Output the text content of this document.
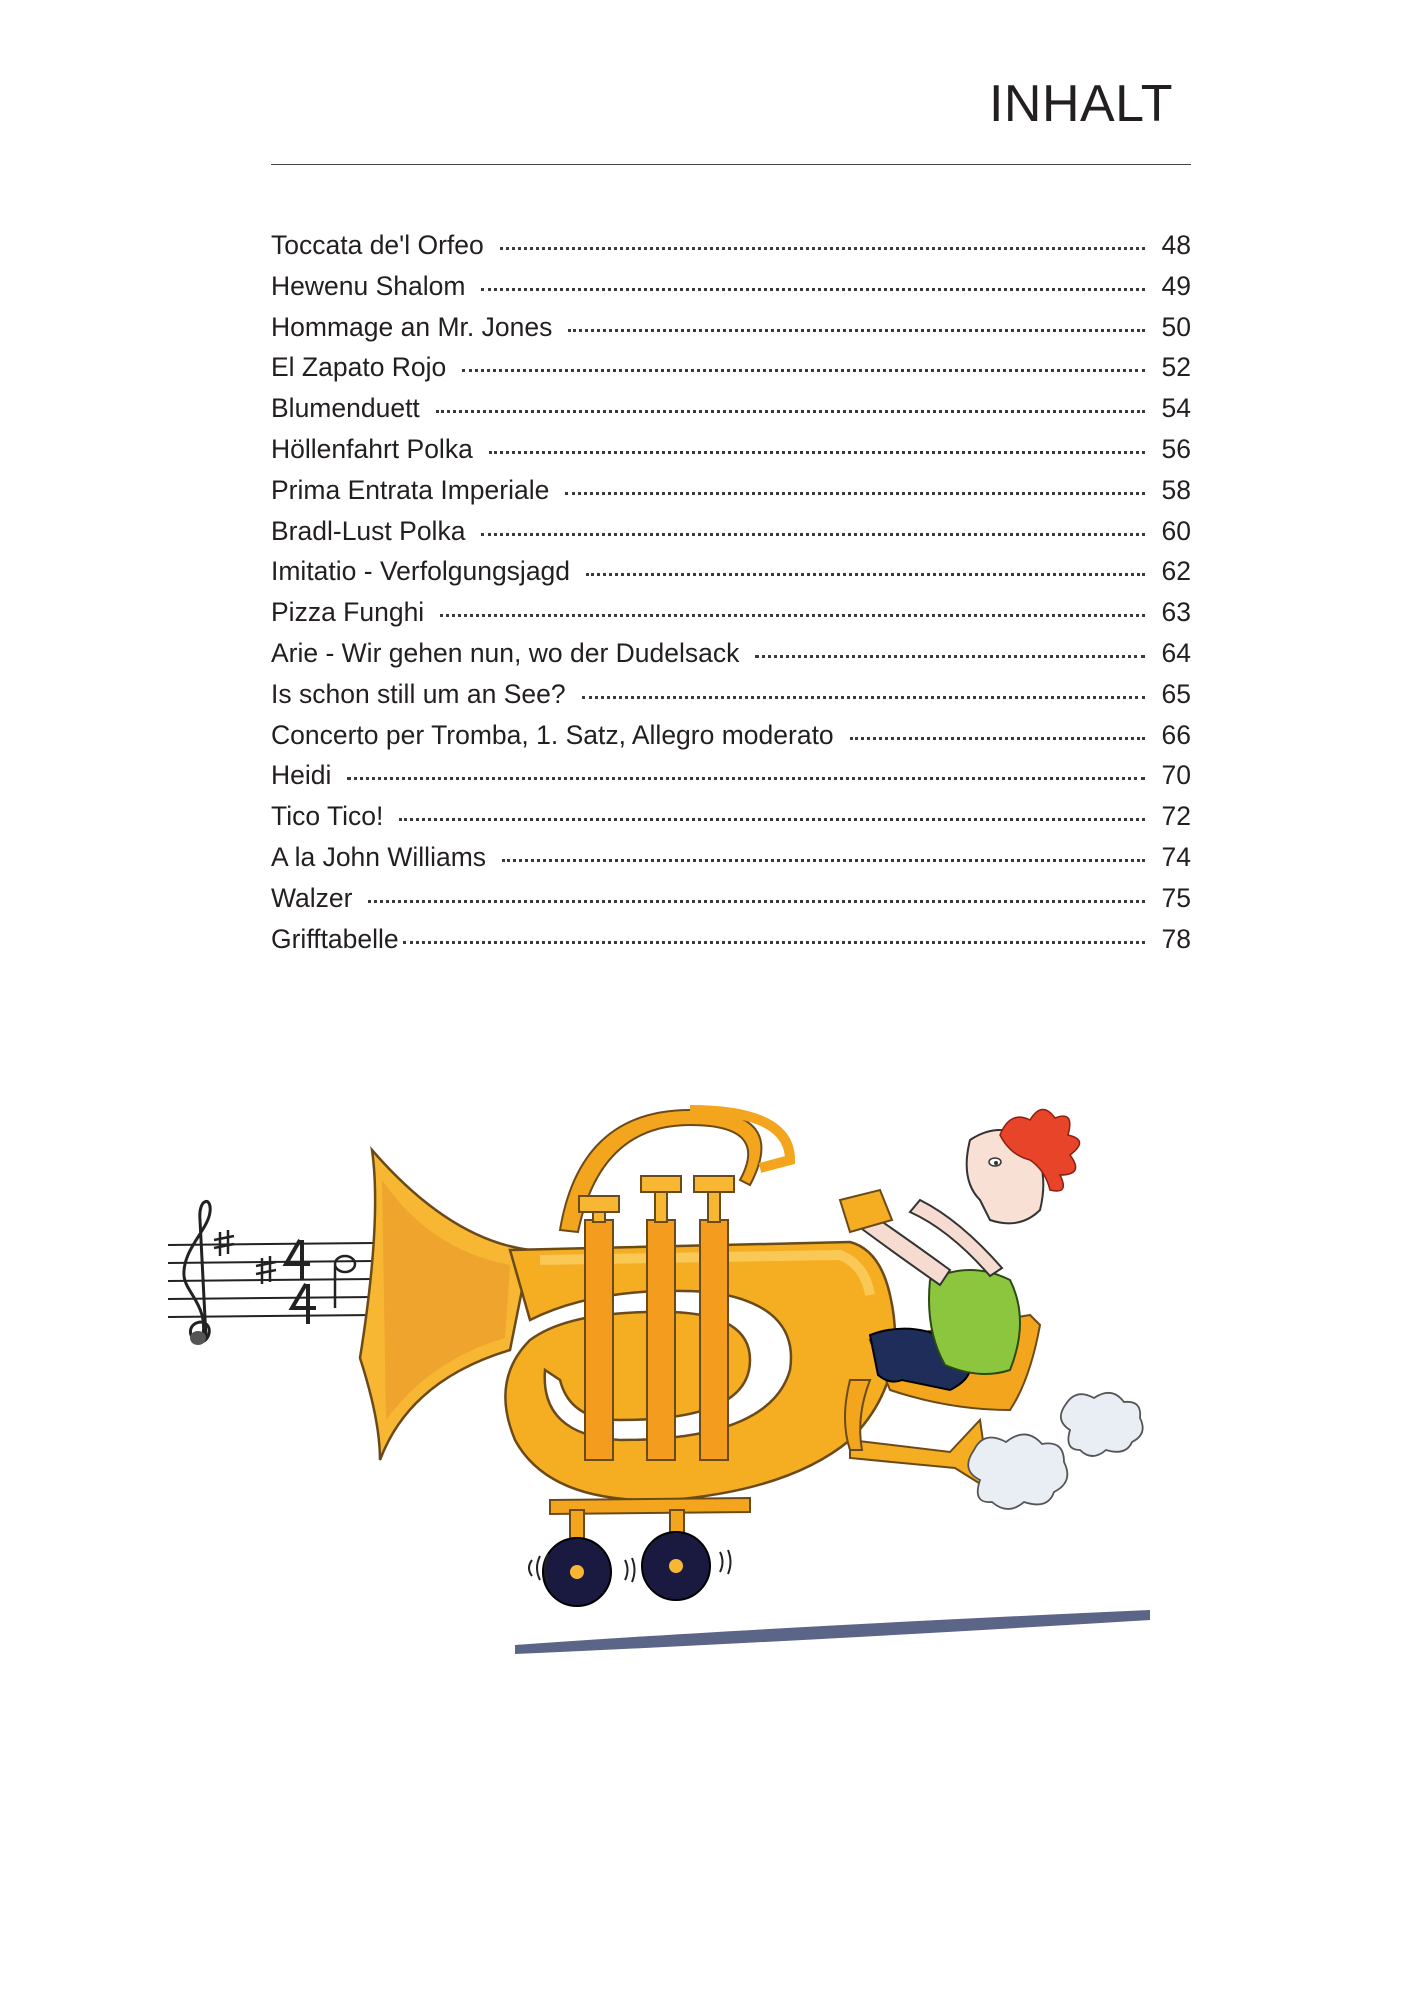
INHALT
Toccata de'l Orfeo	48
Hewenu Shalom	49
Hommage an Mr. Jones	50
El Zapato Rojo	52
Blumenduett	54
Höllenfahrt Polka	56
Prima Entrata Imperiale	58
Bradl-Lust Polka	60
Imitatio - Verfolgungsjagd	62
Pizza Funghi	63
Arie - Wir gehen nun, wo der Dudelsack	64
Is schon still um an See?	65
Concerto per Tromba, 1. Satz, Allegro moderato	66
Heidi	70
Tico Tico!	72
A la John Williams	74
Walzer	75
Grifftabelle	78
